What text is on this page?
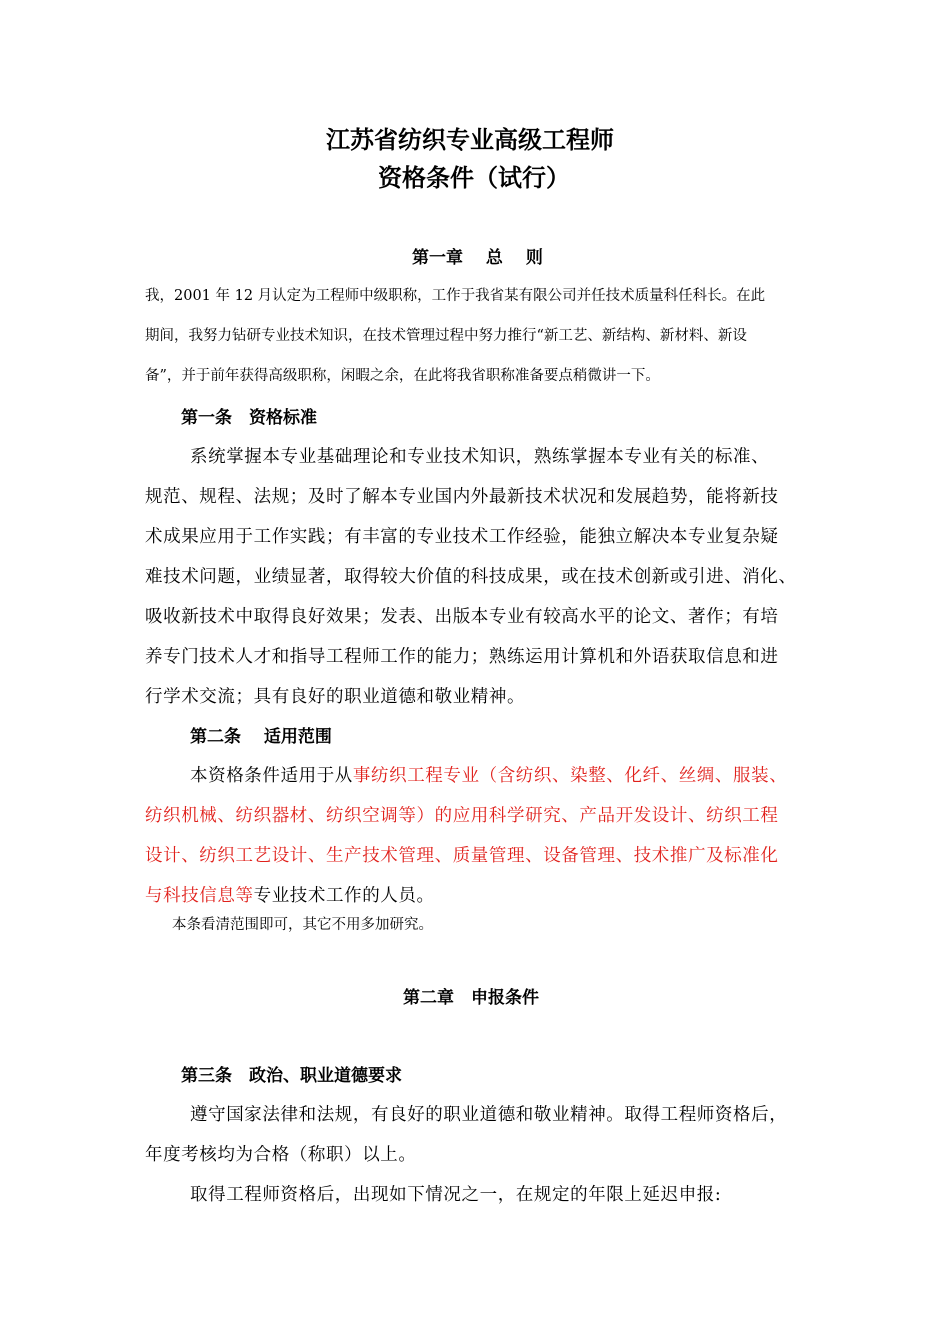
江苏省纺织专业高级工程师
资格条件（试行）
第一章　 总　 则
我，2001 年 12 月认定为工程师中级职称，工作于我省某有限公司并任技术质量科任科长。在此
期间，我努力钻研专业技术知识，在技术管理过程中努力推行“新工艺、新结构、新材料、新设
备”，并于前年获得高级职称，闲暇之余，在此将我省职称准备要点稍微讲一下。
第一条　资格标准
系统掌握本专业基础理论和专业技术知识，熟练掌握本专业有关的标准、
规范、规程、法规；及时了解本专业国内外最新技术状况和发展趋势，能将新技
术成果应用于工作实践；有丰富的专业技术工作经验，能独立解决本专业复杂疑
难技术问题，业绩显著，取得较大价值的科技成果，或在技术创新或引进、消化、
吸收新技术中取得良好效果；发表、出版本专业有较高水平的论文、著作；有培
养专门技术人才和指导工程师工作的能力；熟练运用计算机和外语获取信息和进
行学术交流；具有良好的职业道德和敬业精神。
第二条　 适用范围
本资格条件适用于从事纺织工程专业（含纺织、染整、化纤、丝绸、服装、
纺织机械、纺织器材、纺织空调等）的应用科学研究、产品开发设计、纺织工程
设计、纺织工艺设计、生产技术管理、质量管理、设备管理、技术推广及标准化
与科技信息等专业技术工作的人员。
本条看清范围即可，其它不用多加研究。
第二章　申报条件
第三条　政治、职业道德要求
遵守国家法律和法规，有良好的职业道德和敬业精神。取得工程师资格后，
年度考核均为合格（称职）以上。
取得工程师资格后，出现如下情况之一，在规定的年限上延迟申报:
